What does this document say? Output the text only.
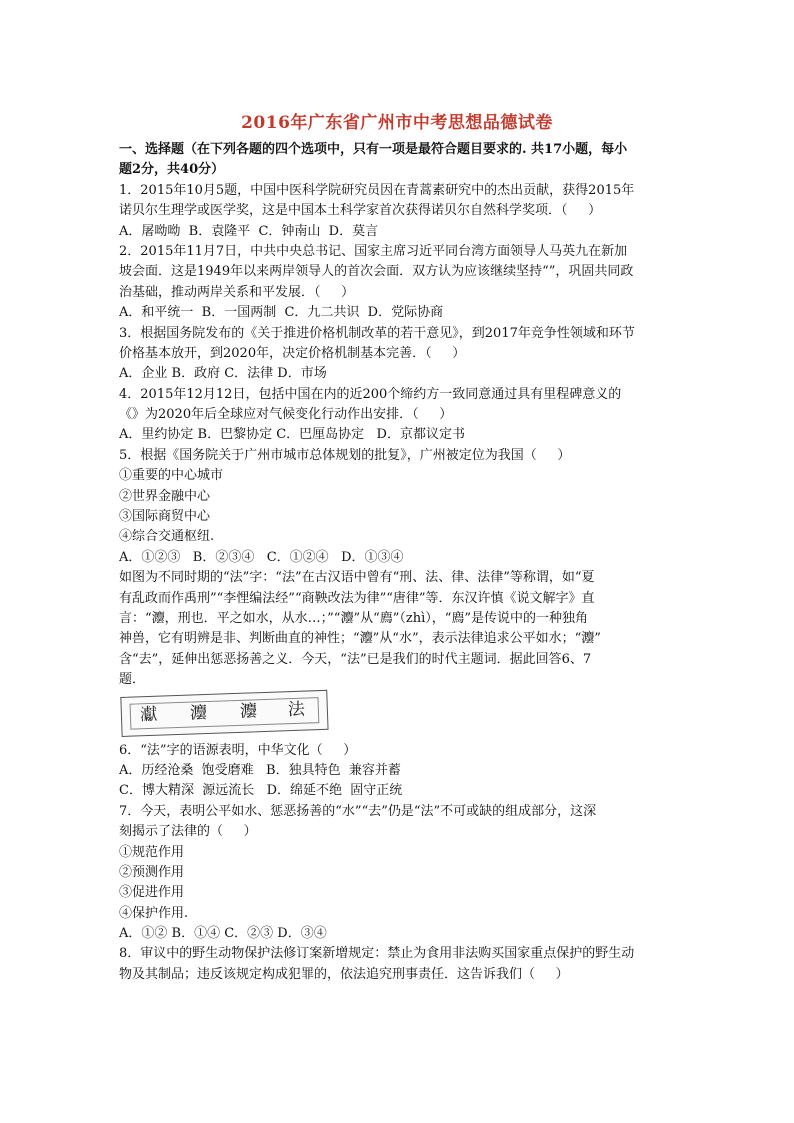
2016年广东省广州市中考思想品德试卷
一、选择题（在下列各题的四个选项中，只有一项是最符合题目要求的. 共17小题，每小
题2分，共40分）
1．2015年10月5题，中国中医科学院研究员因在青蒿素研究中的杰出贡献，获得2015年
诺贝尔生理学或医学奖，这是中国本土科学家首次获得诺贝尔自然科学奖项．（     ）
A．屠呦呦  B．袁隆平  C．钟南山  D．莫言
2．2015年11月7日，中共中央总书记、国家主席习近平同台湾方面领导人马英九在新加
坡会面．这是1949年以来两岸领导人的首次会面．双方认为应该继续坚持“”，巩固共同政
治基础，推动两岸关系和平发展．（     ）
A．和平统一  B．一国两制  C．九二共识  D．党际协商
3．根据国务院发布的《关于推进价格机制改革的若干意见》，到2017年竞争性领域和环节
价格基本放开，到2020年，决定价格机制基本完善．（     ）
A．企业 B．政府 C．法律 D．市场
4．2015年12月12日，包括中国在内的近200个缔约方一致同意通过具有里程碑意义的
《》为2020年后全球应对气候变化行动作出安排．（     ）
A．里约协定 B．巴黎协定 C．巴厘岛协定   D．京都议定书
5．根据《国务院关于广州市城市总体规划的批复》，广州被定位为我国（     ）
①重要的中心城市
②世界金融中心
③国际商贸中心
④综合交通枢纽.
A．①②③   B．②③④   C．①②④   D．①③④
如图为不同时期的“法”字：“法”在古汉语中曾有“刑、法、律、法律”等称谓，如“夏
有乱政而作禹刑”“李悝编法经”“商鞅改法为律”“唐律”等．东汉许慎《说文解字》直
言：“灋，刑也．平之如水，从水…；”“灋”从“廌”（zhì），“廌”是传说中的一种独角
神兽，它有明辨是非、判断曲直的神性；“灋”从“水”，表示法律追求公平如水；“灋”
含“去”，延伸出惩恶扬善之义．今天，“法”已是我们的时代主题词．据此回答6、7
题．
𤅊 灋 灋 法
6．“法”字的语源表明，中华文化（     ）
A．历经沧桑  饱受磨难   B．独具特色  兼容并蓄
C．博大精深  源远流长   D．绵延不绝  固守正统
7．今天，表明公平如水、惩恶扬善的“水”“去”仍是“法”不可或缺的组成部分，这深
刻揭示了法律的（     ）
①规范作用
②预测作用
③促进作用
④保护作用.
A．①② B．①④ C．②③ D．③④
8．审议中的野生动物保护法修订案新增规定：禁止为食用非法购买国家重点保护的野生动
物及其制品；违反该规定构成犯罪的，依法追究刑事责任．这告诉我们（     ）
